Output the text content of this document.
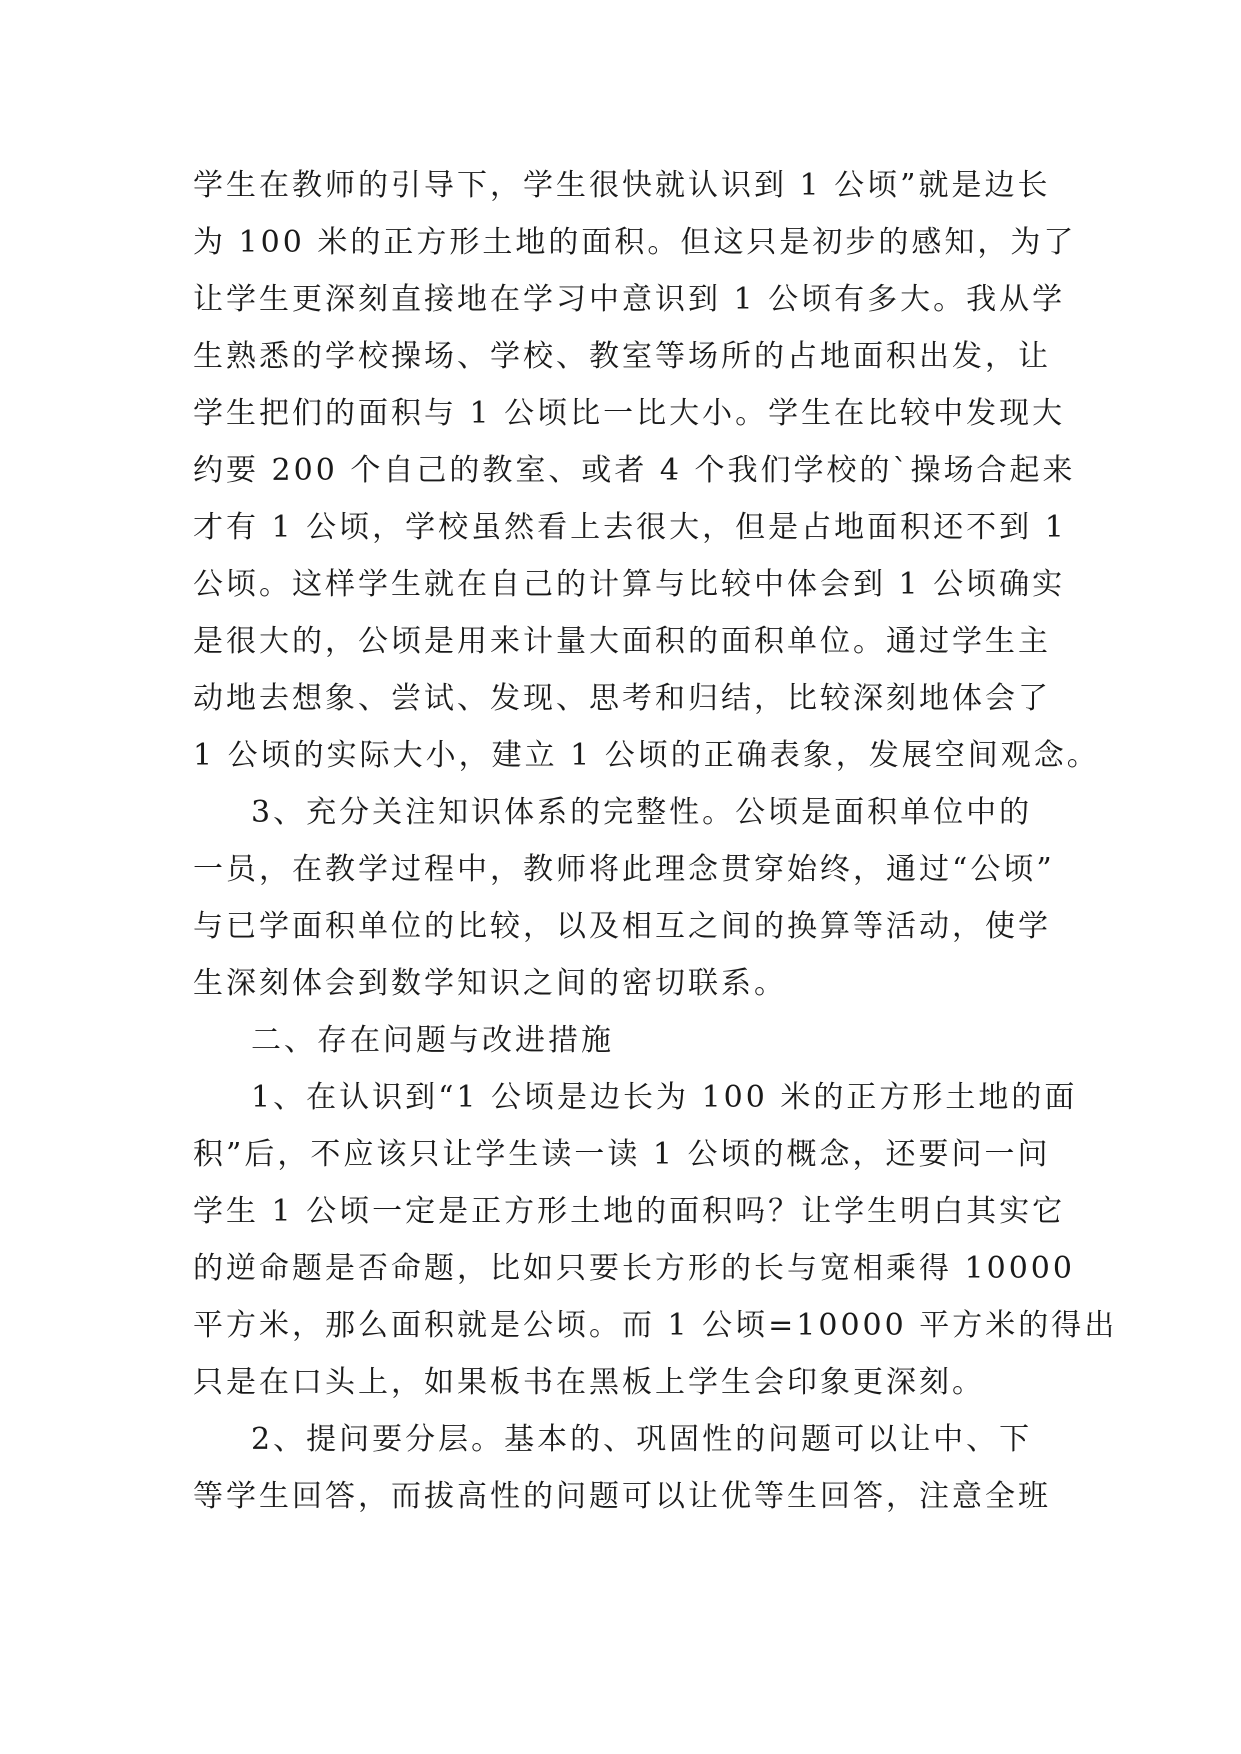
学生在教师的引导下，学生很快就认识到 1 公顷”就是边长
为 100 米的正方形土地的面积。但这只是初步的感知，为了
让学生更深刻直接地在学习中意识到 1 公顷有多大。我从学
生熟悉的学校操场、学校、教室等场所的占地面积出发，让
学生把们的面积与 1 公顷比一比大小。学生在比较中发现大
约要 200 个自己的教室、或者 4 个我们学校的`操场合起来
才有 1 公顷，学校虽然看上去很大，但是占地面积还不到 1
公顷。这样学生就在自己的计算与比较中体会到 1 公顷确实
是很大的，公顷是用来计量大面积的面积单位。通过学生主
动地去想象、尝试、发现、思考和归结，比较深刻地体会了
1 公顷的实际大小，建立 1 公顷的正确表象，发展空间观念。
3、充分关注知识体系的完整性。公顷是面积单位中的
一员，在教学过程中，教师将此理念贯穿始终，通过“公顷”
与已学面积单位的比较，以及相互之间的换算等活动，使学
生深刻体会到数学知识之间的密切联系。
二、存在问题与改进措施
1、在认识到“1 公顷是边长为 100 米的正方形土地的面
积”后，不应该只让学生读一读 1 公顷的概念，还要问一问
学生 1 公顷一定是正方形土地的面积吗？让学生明白其实它
的逆命题是否命题，比如只要长方形的长与宽相乘得 10000
平方米，那么面积就是公顷。而 1 公顷=10000 平方米的得出
只是在口头上，如果板书在黑板上学生会印象更深刻。
2、提问要分层。基本的、巩固性的问题可以让中、下
等学生回答，而拔高性的问题可以让优等生回答，注意全班
